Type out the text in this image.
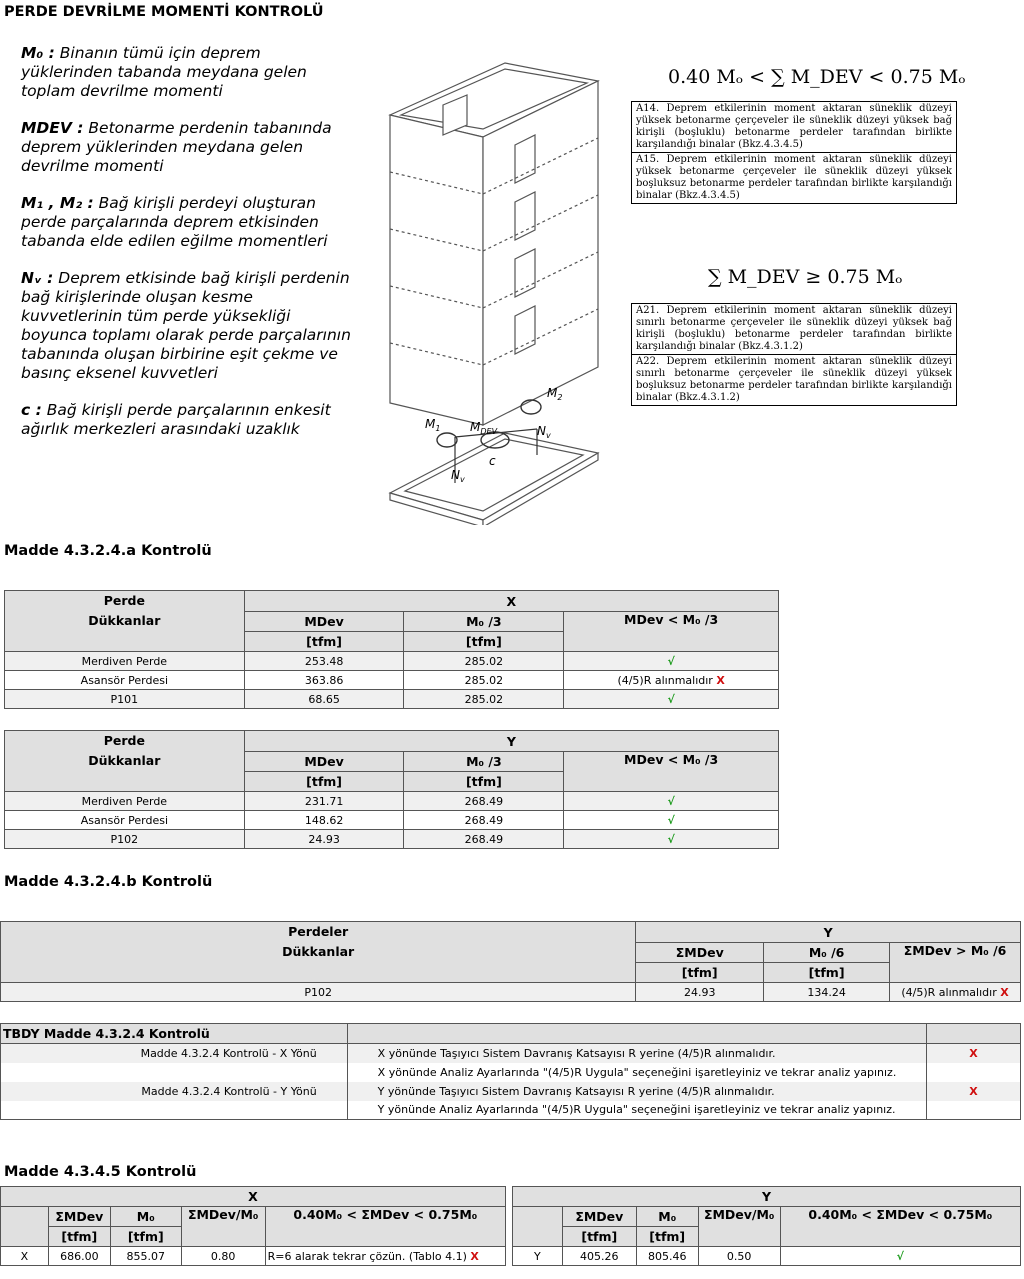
PERDE DEVRİLME MOMENTİ KONTROLÜ

M₀ : Binanın tümü için deprem yüklerinden tabanda meydana gelen toplam devrilme momenti

MDEV : Betonarme perdenin tabanında deprem yüklerinden meydana gelen devrilme momenti

M₁ , M₂ : Bağ kirişli perdeyi oluşturan perde parçalarında deprem etkisinden tabanda elde edilen eğilme momentleri

Nᵥ : Deprem etkisinde bağ kirişli perdenin bağ kirişlerinde oluşan kesme kuvvetlerinin tüm perde yüksekliği boyunca toplamı olarak perde parçalarının tabanında oluşan birbirine eşit çekme ve basınç eksenel kuvvetleri

c : Bağ kirişli perde parçalarının enkesit ağırlık merkezleri arasındaki uzaklık	$M_1$
$M_2$
$M_{DEV}$	$N_v$
$N_v$
c
0.40 Mₒ < ∑ M_DEV < 0.75 Mₒ
A14. Deprem etkilerinin moment aktaran süneklik düzeyi yüksek betonarme çerçeveler ile süneklik düzeyi yüksek bağ kirişli (boşluklu) betonarme perdeler tarafından birlikte karşılandığı binalar (Bkz.4.3.4.5)
A15. Deprem etkilerinin moment aktaran süneklik düzeyi yüksek betonarme çerçeveler ile süneklik düzeyi yüksek boşluksuz betonarme perdeler tarafından birlikte karşılandığı binalar (Bkz.4.3.4.5)
∑ M_DEV ≥ 0.75 Mₒ
A21. Deprem etkilerinin moment aktaran süneklik düzeyi sınırlı betonarme çerçeveler ile süneklik düzeyi yüksek bağ kirişli (boşluklu) betonarme perdeler tarafından birlikte karşılandığı binalar (Bkz.4.3.1.2)
A22. Deprem etkilerinin moment aktaran süneklik düzeyi sınırlı betonarme çerçeveler ile süneklik düzeyi yüksek boşluksuz betonarme perdeler tarafından birlikte karşılandığı binalar (Bkz.4.3.1.2)
Madde 4.3.2.4.a Kontrolü
Perde
Dükkanlar	X		
	MDev	M₀ /3	MDev < M₀ /3
	[tfm]	[tfm]	
Merdiven Perde	253.48	285.02	√
Asansör Perdesi	363.86	285.02	(4/5)R alınmalıdır X
P101	68.65	285.02	√
Perde
Dükkanlar	Y		
	MDev	M₀ /3	MDev < M₀ /3
	[tfm]	[tfm]	
Merdiven Perde	231.71	268.49	√
Asansör Perdesi	148.62	268.49	√
P102	24.93	268.49	√
Madde 4.3.2.4.b Kontrolü
Perdeler
Dükkanlar	Y		
	ΣMDev	M₀ /6	ΣMDev > M₀ /6
	[tfm]	[tfm]	
P102	24.93	134.24	(4/5)R alınmalıdır X
TBDY Madde 4.3.2.4 Kontrolü		
Madde 4.3.2.4 Kontrolü - X Yönü	X yönünde Taşıyıcı Sistem Davranış Katsayısı R yerine (4/5)R alınmalıdır.	X
	X yönünde Analiz Ayarlarında "(4/5)R Uygula" seçeneğini işaretleyiniz ve tekrar analiz yapınız.	
Madde 4.3.2.4 Kontrolü - Y Yönü	Y yönünde Taşıyıcı Sistem Davranış Katsayısı R yerine (4/5)R alınmalıdır.	X
	Y yönünde Analiz Ayarlarında "(4/5)R Uygula" seçeneğini işaretleyiniz ve tekrar analiz yapınız.	
Madde 4.3.4.5 Kontrolü
X				
	ΣMDev	M₀	ΣMDev/M₀	0.40M₀ < ΣMDev < 0.75M₀
	[tfm]	[tfm]		
X	686.00	855.07	0.80	R=6 alarak tekrar çözün. (Tablo 4.1) X
Y				
	ΣMDev	M₀	ΣMDev/M₀	0.40M₀ < ΣMDev < 0.75M₀
	[tfm]	[tfm]		
Y	405.26	805.46	0.50	√
